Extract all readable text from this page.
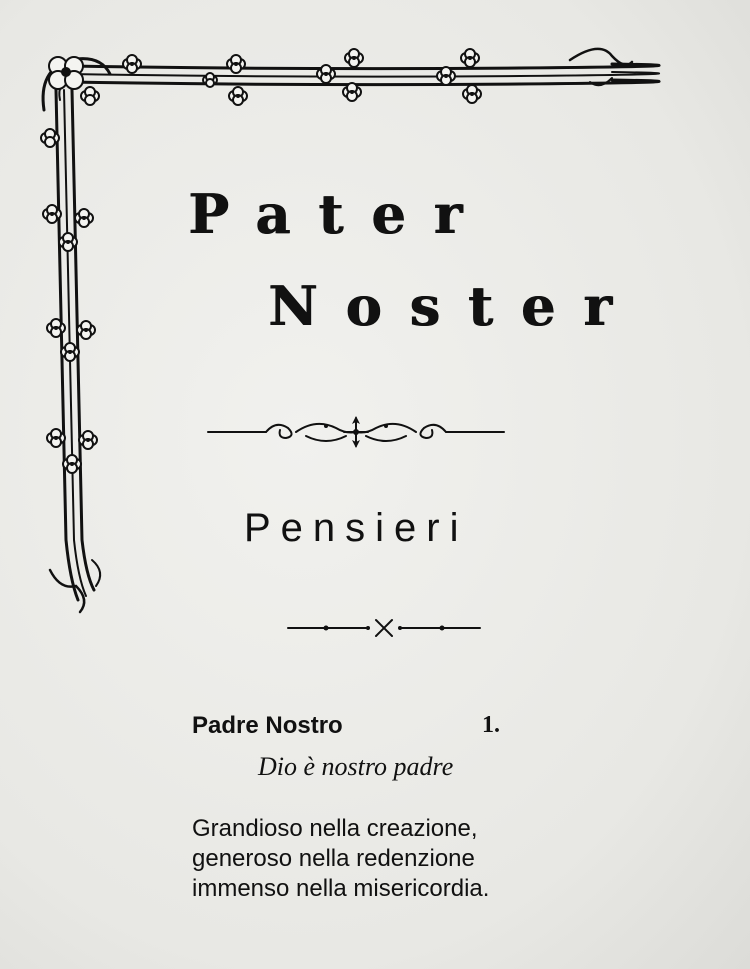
Pater
Noster
Pensieri
Padre Nostro	1.
Dio è nostro padre
Grandioso nella creazione,
generoso nella redenzione
immenso nella misericordia.
